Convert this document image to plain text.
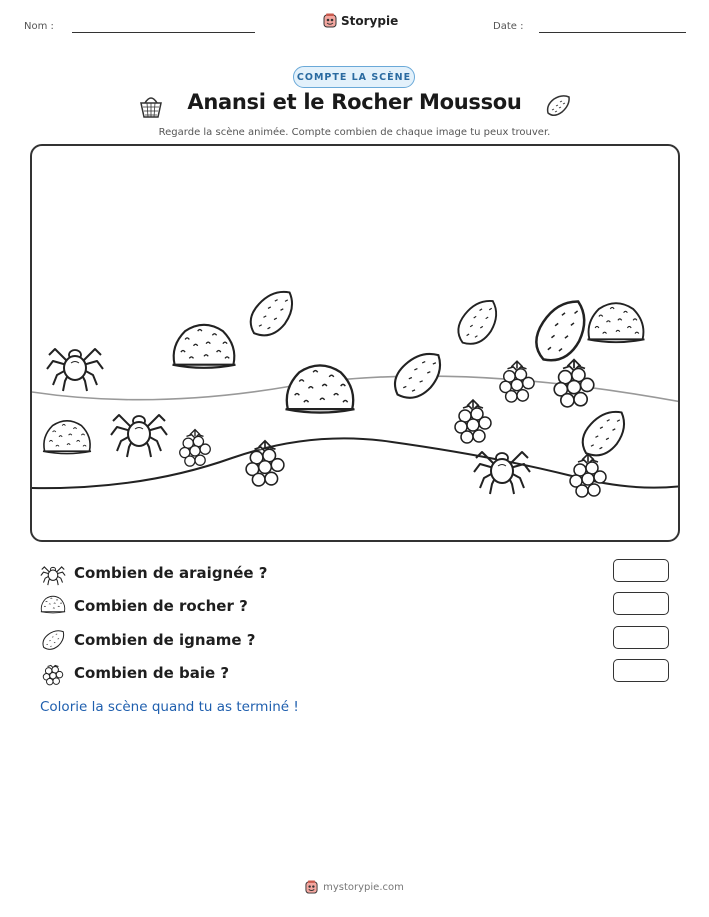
Nom :	Storypie	Date :
COMPTE LA SCÈNE
Anansi et le Rocher Moussou
Regarde la scène animée. Compte combien de chaque image tu peux trouver.
Combien de araignée ?
Combien de rocher ?
Combien de igname ?
Combien de baie ?
Colorie la scène quand tu as terminé !
mystorypie.com
